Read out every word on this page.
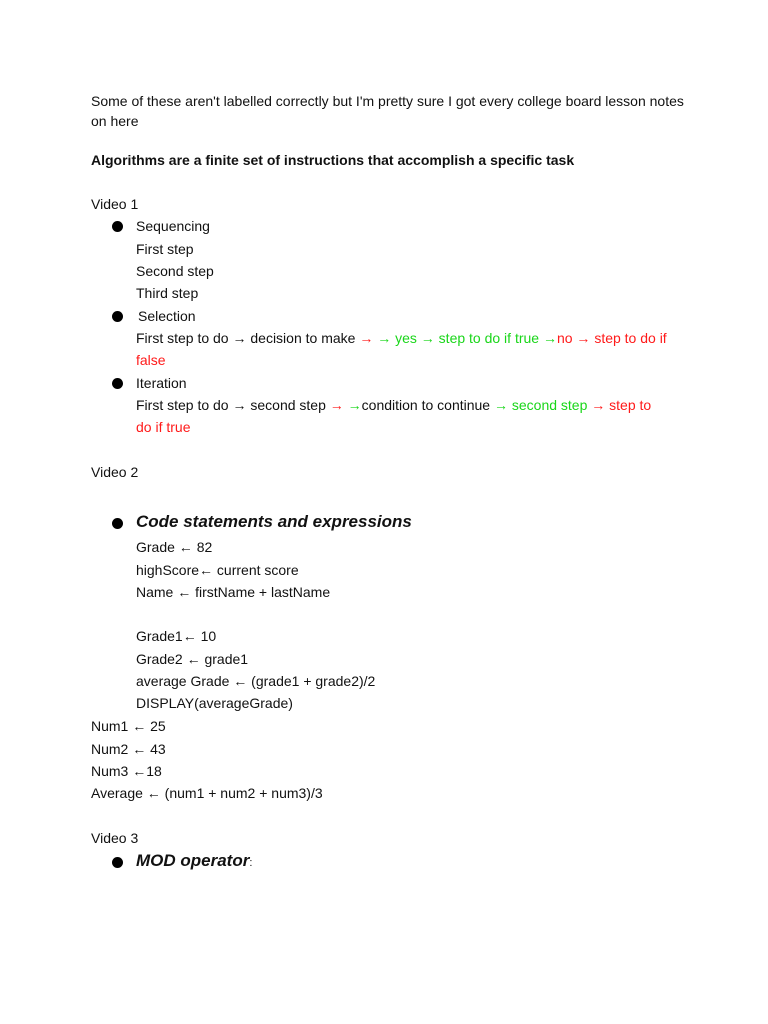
Some of these aren't labelled correctly but I'm pretty sure I got every college board lesson notes
on here
Algorithms are a finite set of instructions that accomplish a specific task
Video 1
Sequencing
First step
Second step
Third step
Selection
First step to do → decision to make → → yes → step to do if true →no → step to do if
false
Iteration
First step to do → second step → →condition to continue → second step → step to
do if true
Video 2
Code statements and expressions
Grade ← 82
highScore← current score
Name ← firstName + lastName
Grade1← 10
Grade2 ← grade1
average Grade ← (grade1 + grade2)/2
DISPLAY(averageGrade)
Num1 ← 25
Num2 ← 43
Num3 ←18
Average ← (num1 + num2 + num3)/3
Video 3
MOD operator:
